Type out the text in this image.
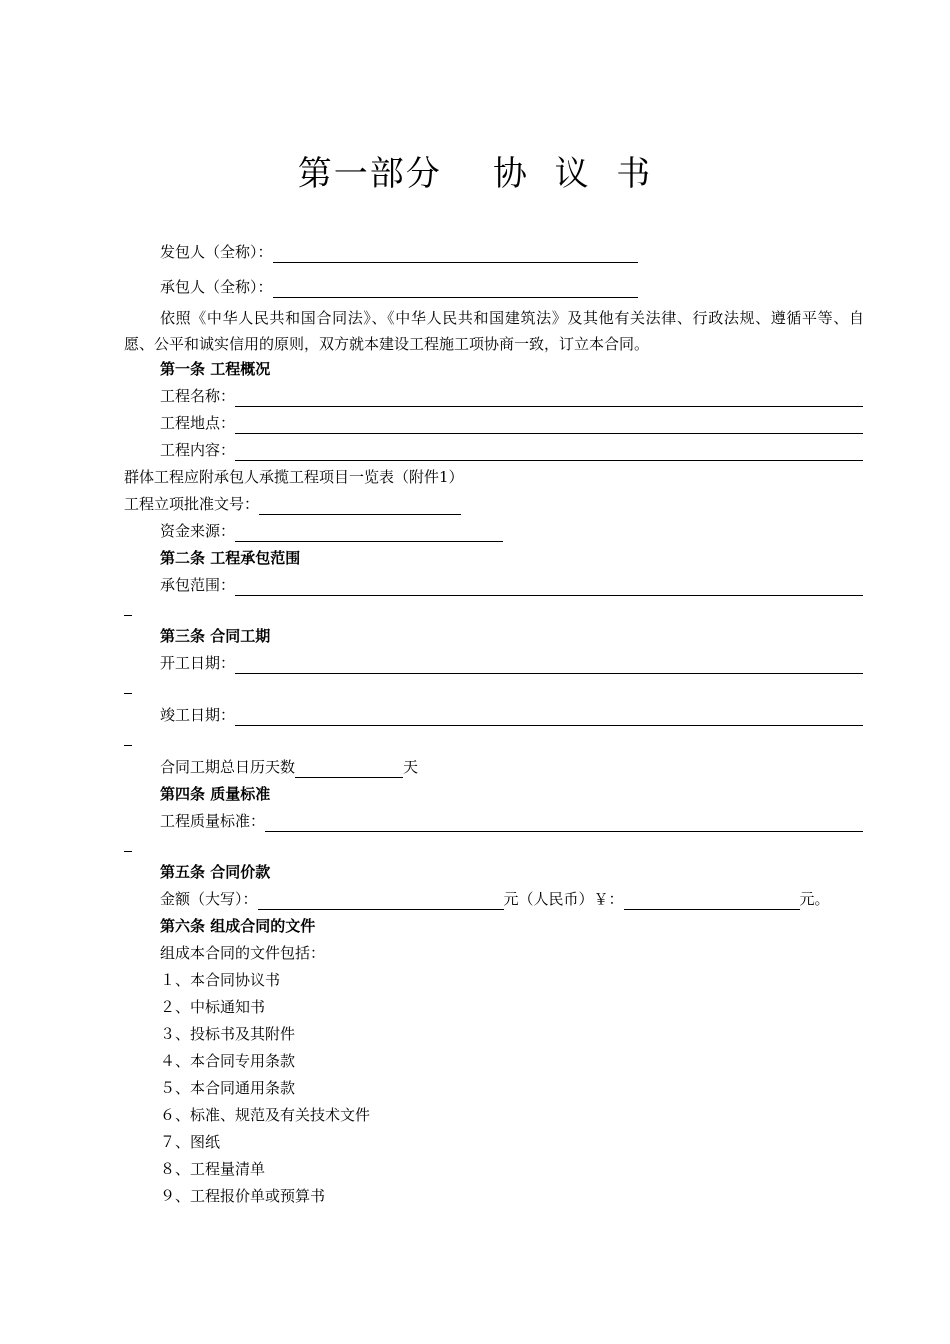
第一部分    协  议  书
发包人（全称）：
承包人（全称）：
依照《中华人民共和国合同法》、《中华人民共和国建筑法》及其他有关法律、行政法规、遵循平等、自愿、公平和诚实信用的原则，双方就本建设工程施工项协商一致，订立本合同。
第一条 工程概况
工程名称：
工程地点：
工程内容：
群体工程应附承包人承揽工程项目一览表（附件1）
工程立项批准文号：
资金来源：
第二条 工程承包范围
承包范围：
第三条 合同工期
开工日期：
竣工日期：
合同工期总日历天数	天
第四条 质量标准
工程质量标准：
第五条 合同价款
金额（大写）：	元（人民币）￥：	元。
第六条 组成合同的文件
组成本合同的文件包括：
１、本合同协议书
２、中标通知书
３、投标书及其附件
４、本合同专用条款
５、本合同通用条款
６、标准、规范及有关技术文件
７、图纸
８、工程量清单
９、工程报价单或预算书
